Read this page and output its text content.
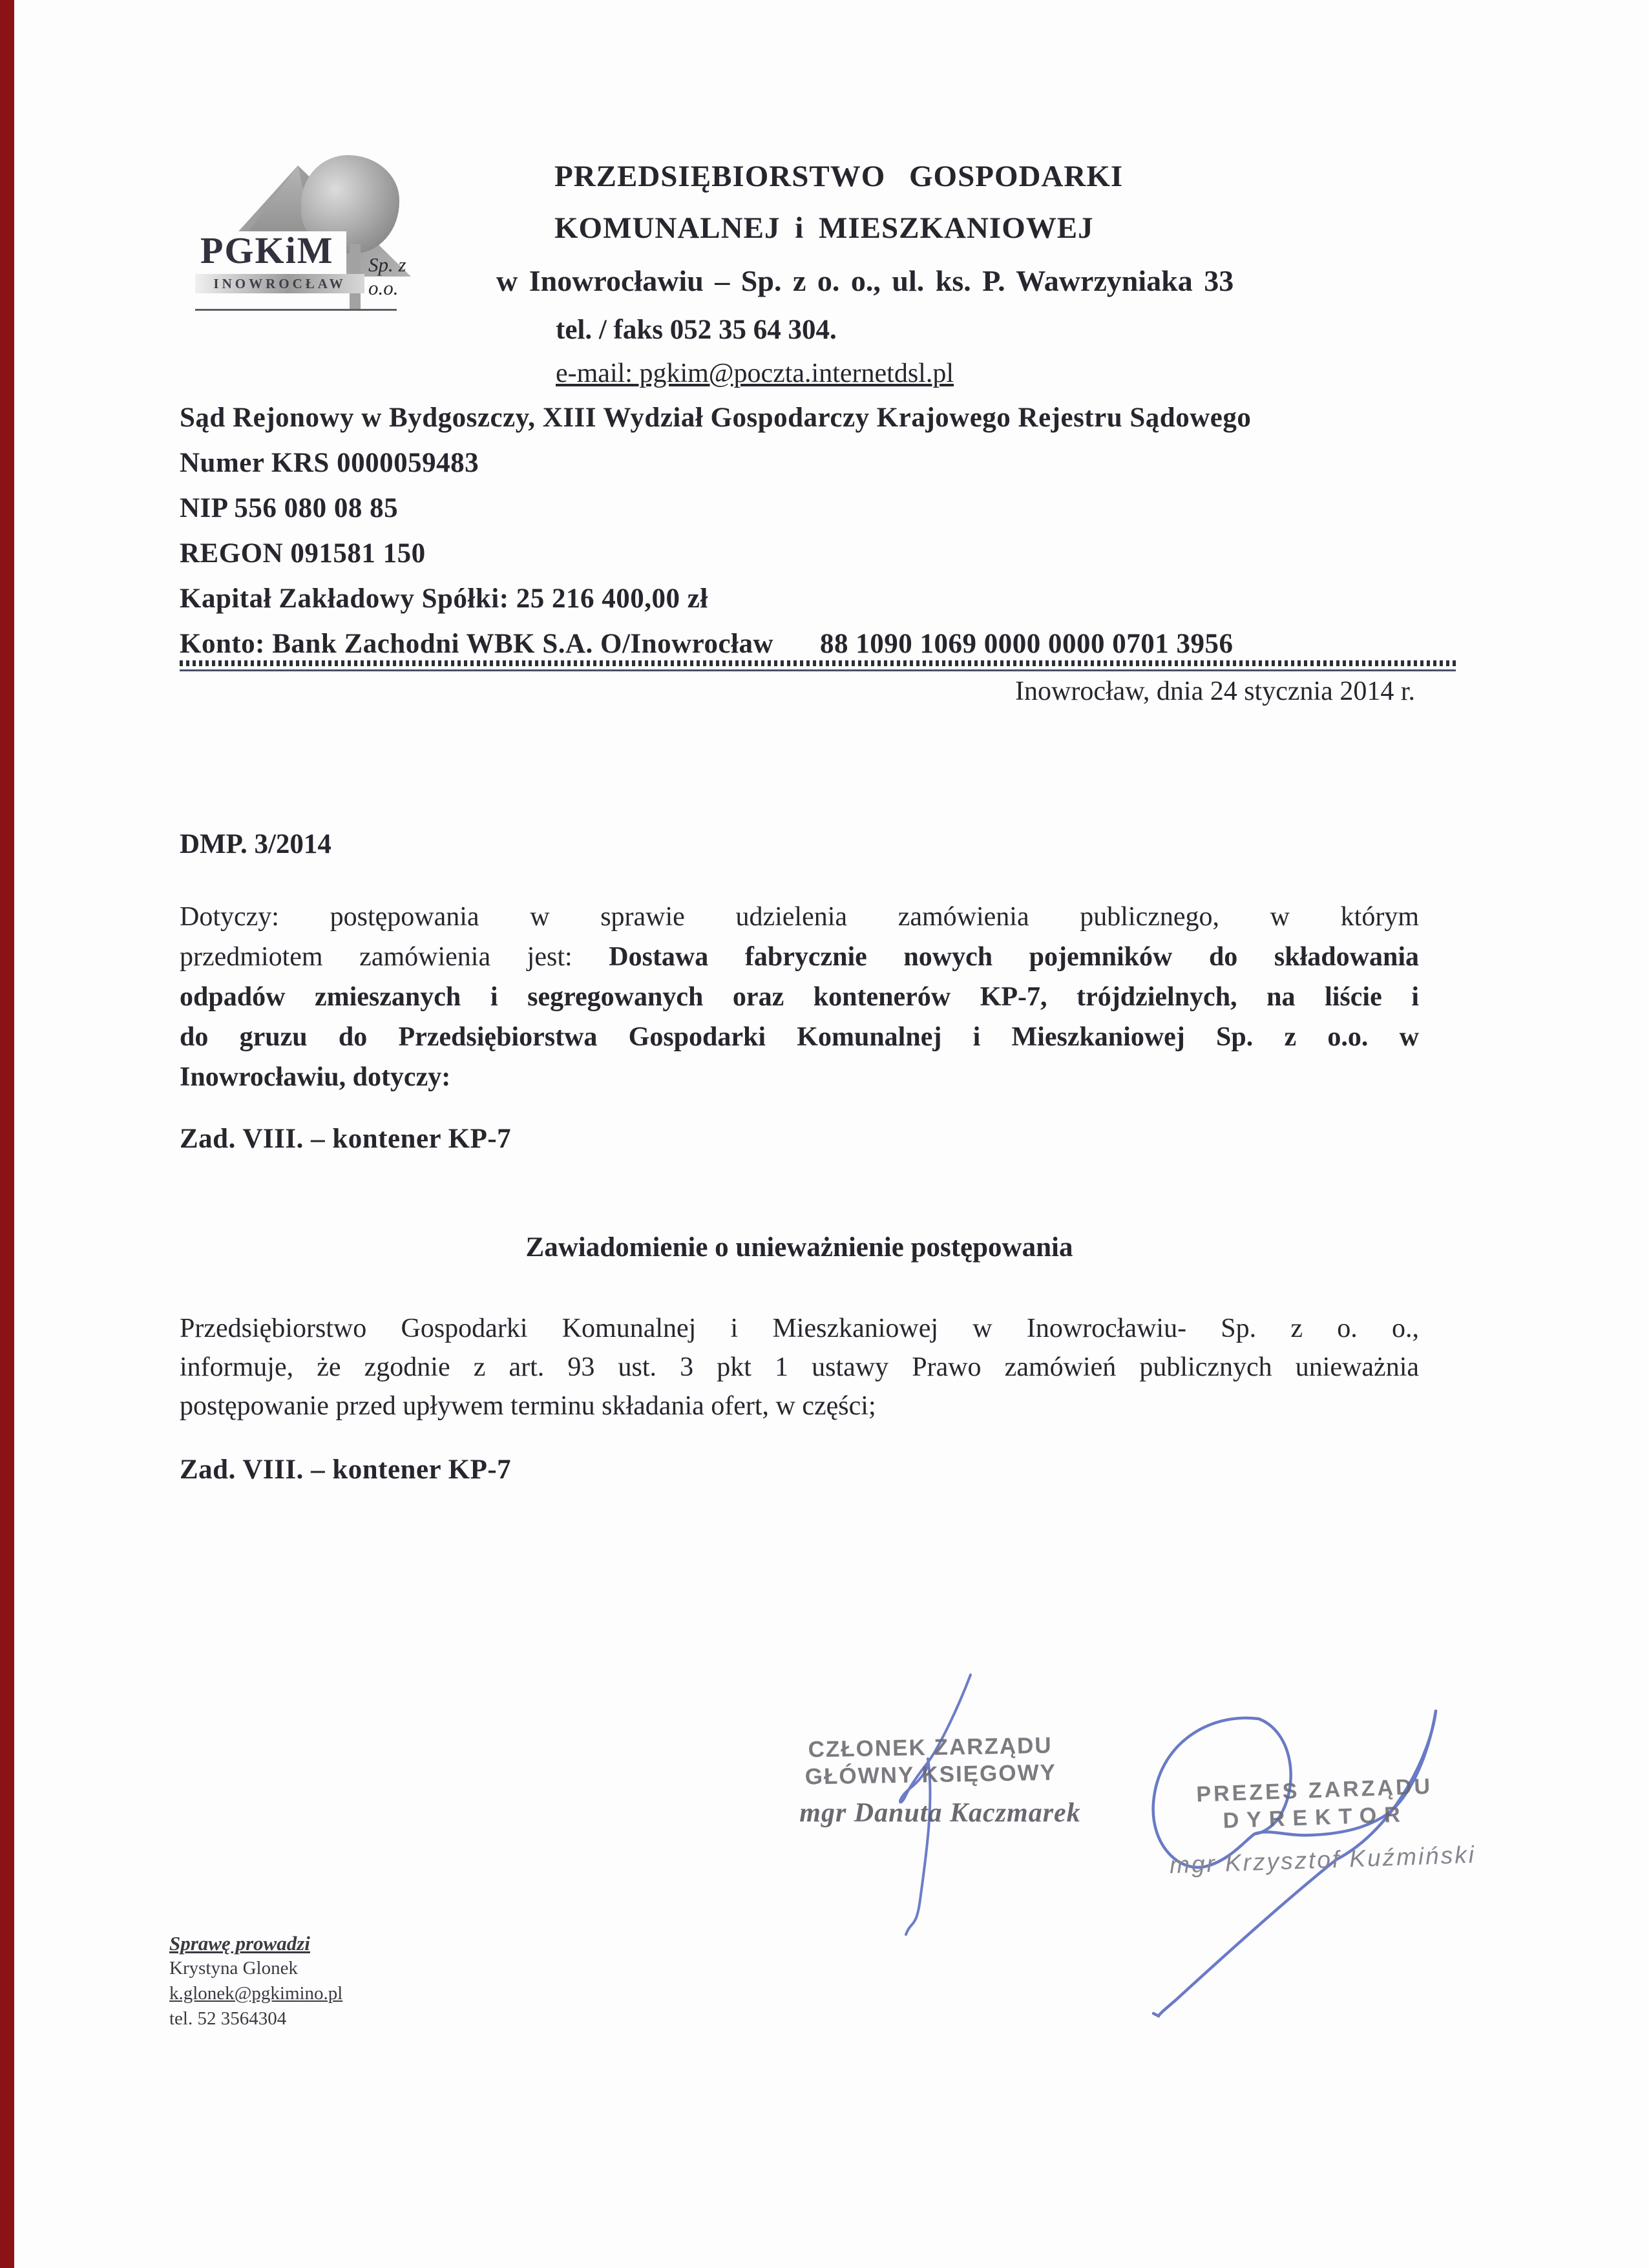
PGKiM Sp. z o.o.
INOWROCŁAW
PRZEDSIĘBIORSTWO GOSPODARKI
KOMUNALNEJ i MIESZKANIOWEJ
w Inowrocławiu – Sp. z o. o., ul. ks. P. Wawrzyniaka 33
tel. / faks 052 35 64 304.
e-mail: pgkim@poczta.internetdsl.pl
Sąd Rejonowy w Bydgoszczy, XIII Wydział Gospodarczy Krajowego Rejestru Sądowego
Numer KRS 0000059483
NIP 556 080 08 85
REGON 091581 150
Kapitał Zakładowy Spółki: 25 216 400,00 zł
Konto: Bank Zachodni WBK S.A. O/Inowrocław 88 1090 1069 0000 0000 0701 3956
Inowrocław, dnia 24 stycznia 2014 r.
DMP. 3/2014
Dotyczy: postępowania w sprawie udzielenia zamówienia publicznego, w którym
przedmiotem zamówienia jest: Dostawa fabrycznie nowych pojemników do składowania
odpadów zmieszanych i segregowanych oraz kontenerów KP-7, trójdzielnych, na liście i
do gruzu do Przedsiębiorstwa Gospodarki Komunalnej i Mieszkaniowej Sp. z o.o. w
Inowrocławiu, dotyczy:
Zad. VIII. – kontener KP-7
Zawiadomienie o unieważnienie postępowania
Przedsiębiorstwo Gospodarki Komunalnej i Mieszkaniowej w Inowrocławiu- Sp. z o. o.,
informuje, że zgodnie z art. 93 ust. 3 pkt 1 ustawy Prawo zamówień publicznych unieważnia
postępowanie przed upływem terminu składania ofert, w części;
Zad. VIII. – kontener KP-7
CZŁONEK ZARZĄDU
GŁÓWNY KSIĘGOWY
mgr Danuta Kaczmarek
PREZES ZARZĄDU
DYREKTOR
mgr Krzysztof Kuźmiński
Sprawę prowadzi
Krystyna Glonek
k.glonek@pgkimino.pl
tel. 52 3564304
